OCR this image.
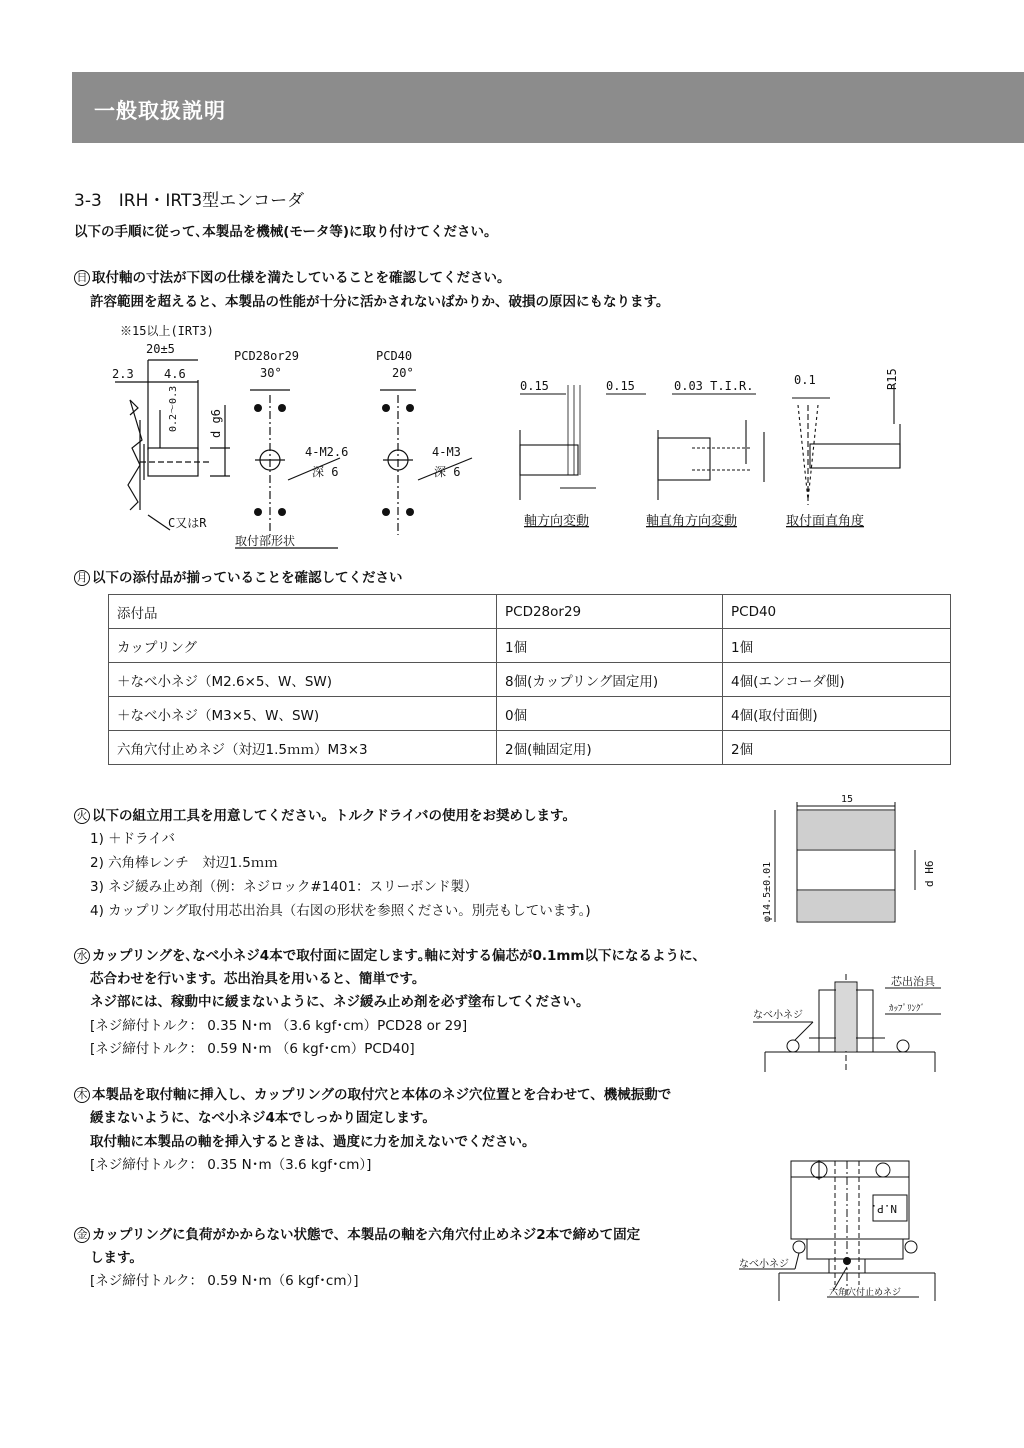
一般取扱説明
3-3　IRH・IRT3型エンコーダ
以下の手順に従って､本製品を機械(モータ等)に取り付けてください。
日 取付軸の寸法が下図の仕様を満たしていることを確認してください。
許容範囲を超えると、本製品の性能が十分に活かされないばかりか、破損の原因にもなります。
※15以上(IRT3)
20±5
2.3	4.6
0.2～0.3	d g6
C又はR
PCD28or29
30°
4-M2.6
深 6
PCD40
20°
4-M3
深 6
取付部形状
0.15	0.15	0.03 T.I.R.	0.1	R15
軸方向変動	軸直角方向変動	取付面直角度
月 以下の添付品が揃っていることを確認してください
添付品	PCD28or29	PCD40
カップリング	1個	1個
＋なべ小ネジ（M2.6×5、W、SW)	8個(カップリング固定用)	4個(エンコーダ側)
＋なべ小ネジ（M3×5、W、SW)	0個	4個(取付面側)
六角穴付止めネジ（対辺1.5ｍｍ）M3×3	2個(軸固定用)	2個
火 以下の組立用工具を用意してください。トルクドライバの使用をお奨めします。
1) ＋ドライバ
2) 六角棒レンチ　対辺1.5ｍｍ
3) ネジ緩み止め剤（例：ネジロック#1401：スリーボンド製）
4) カップリング取付用芯出治具（右図の形状を参照ください。別売もしています。)
15
φ14.5±0.01	d H6
水 カップリングを､なべ小ネジ4本で取付面に固定します｡軸に対する偏芯が0.1mm以下になるように、
芯合わせを行います。芯出治具を用いると、簡単です。
ネジ部には、稼動中に緩まないように、ネジ緩み止め剤を必ず塗布してください。
[ネジ締付トルク： 0.35 N･m （3.6 kgf･cm）PCD28 or 29]
[ネジ締付トルク： 0.59 N･m （6 kgf･cm）PCD40]
芯出治具
なべ小ネジ
ｶｯﾌﾟﾘﾝｸﾞ
木 本製品を取付軸に挿入し、カップリングの取付穴と本体のネジ穴位置とを合わせて、機械振動で
緩まないように、なべ小ネジ4本でしっかり固定します。
取付軸に本製品の軸を挿入するときは、過度に力を加えないでください。
[ネジ締付トルク： 0.35 N･m（3.6 kgf･cm）]
N.P.
なべ小ネジ
六角穴付止めネジ
金 カップリングに負荷がかからない状態で、本製品の軸を六角穴付止めネジ2本で締めて固定
します。
[ネジ締付トルク： 0.59 N･m（6 kgf･cm）]
